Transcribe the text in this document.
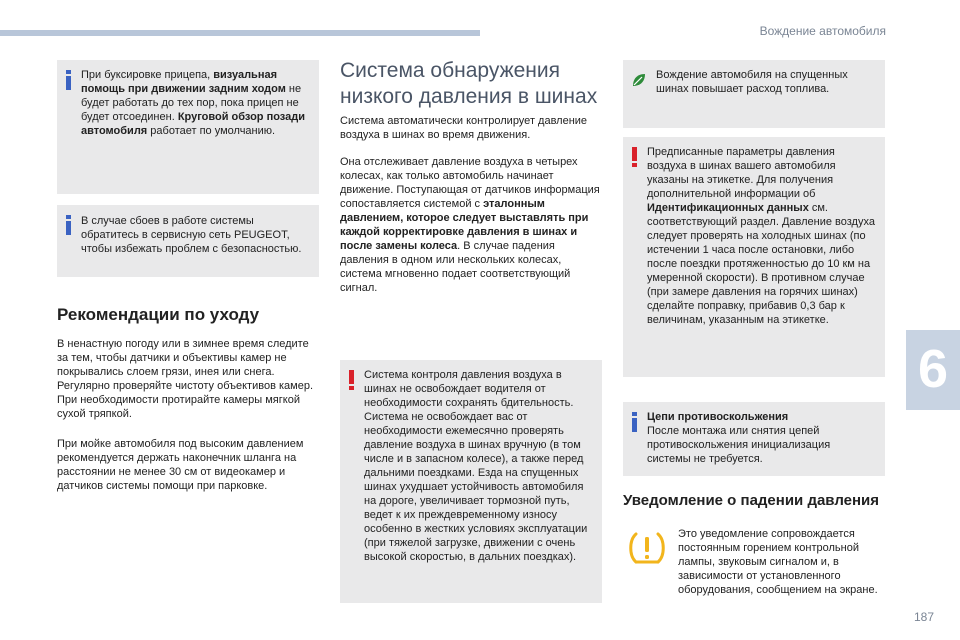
Вождение автомобиля
6
187
При буксировке прицепа, визуальная помощь при движении задним ходом не будет работать до тех пор, пока прицеп не будет отсоединен. Круговой обзор позади автомобиля работает по умолчанию.
В случае сбоев в работе системы обратитесь в сервисную сеть PEUGEOT, чтобы избежать проблем с безопасностью.
Рекомендации по уходу
В ненастную погоду или в зимнее время следите за тем, чтобы датчики и объективы камер не покрывались слоем грязи, инея или снега. Регулярно проверяйте чистоту объективов камер. При необходимости протирайте камеры мягкой сухой тряпкой.
При мойке автомобиля под высоким давлением рекомендуется держать наконечник шланга на расстоянии не менее 30 см от видеокамер и датчиков системы помощи при парковке.
Система обнаружения низкого давления в шинах
Система автоматически контролирует давление воздуха в шинах во время движения.
Она отслеживает давление воздуха в четырех колесах, как только автомобиль начинает движение. Поступающая от датчиков информация сопоставляется системой с эталонным давлением, которое следует выставлять при каждой корректировке давления в шинах и после замены колеса. В случае падения давления в одном или нескольких колесах, система мгновенно подает соответствующий сигнал.
Система контроля давления воздуха в шинах не освобождает водителя от необходимости сохранять бдительность. Система не освобождает вас от необходимости ежемесячно проверять давление воздуха в шинах вручную (в том числе и в запасном колесе), а также перед дальними поездками. Езда на спущенных шинах ухудшает устойчивость автомобиля на дороге, увеличивает тормозной путь, ведет к их преждевременному износу особенно в жестких условиях эксплуатации (при тяжелой загрузке, движении с очень высокой скоростью, в дальних поездках).
Вождение автомобиля на спущенных шинах повышает расход топлива.
Предписанные параметры давления воздуха в шинах вашего автомобиля указаны на этикетке. Для получения дополнительной информации об Идентификационных данных см. соответствующий раздел. Давление воздуха следует проверять на холодных шинах (по истечении 1 часа после остановки, либо после поездки протяженностью до 10 км на умеренной скорости). В противном случае (при замере давления на горячих шинах) сделайте поправку, прибавив 0,3 бар к величинам, указанным на этикетке.
Цепи противоскольжения
После монтажа или снятия цепей противоскольжения инициализация системы не требуется.
Уведомление о падении давления
Это уведомление сопровождается постоянным горением контрольной лампы, звуковым сигналом и, в зависимости от установленного оборудования, сообщением на экране.
